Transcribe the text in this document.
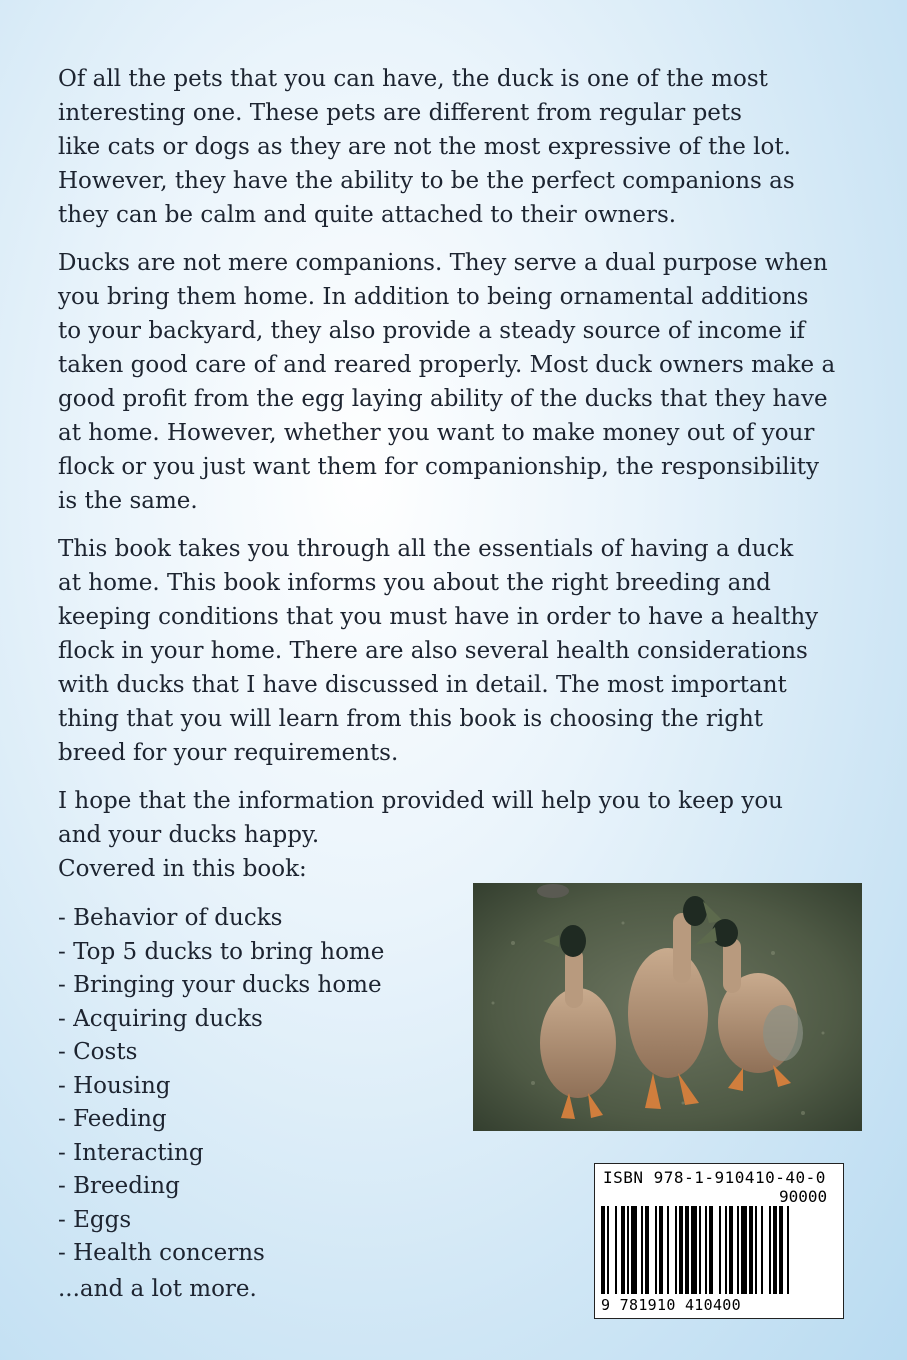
Of all the pets that you can have, the duck is one of the most
interesting one. These pets are different from regular pets
like cats or dogs as they are not the most expressive of the lot.
However, they have the ability to be the perfect companions as
they can be calm and quite attached to their owners.

Ducks are not mere companions. They serve a dual purpose when
you bring them home. In addition to being ornamental additions
to your backyard, they also provide a steady source of income if
taken good care of and reared properly. Most duck owners make a
good profit from the egg laying ability of the ducks that they have
at home. However, whether you want to make money out of your
flock or you just want them for companionship, the responsibility
is the same.

This book takes you through all the essentials of having a duck
at home. This book informs you about the right breeding and
keeping conditions that you must have in order to have a healthy
flock in your home. There are also several health considerations
with ducks that I have discussed in detail. The most important
thing that you will learn from this book is choosing the right
breed for your requirements.

I hope that the information provided will help you to keep you
and your ducks happy.

Covered in this book:

- Behavior of ducks
- Top 5 ducks to bring home
- Bringing your ducks home
- Acquiring ducks
- Costs
- Housing
- Feeding
- Interacting
- Breeding
- Eggs
- Health concerns

...and a lot more.

ISBN 978-1-910410-40-0
90000
9 781910 410400
